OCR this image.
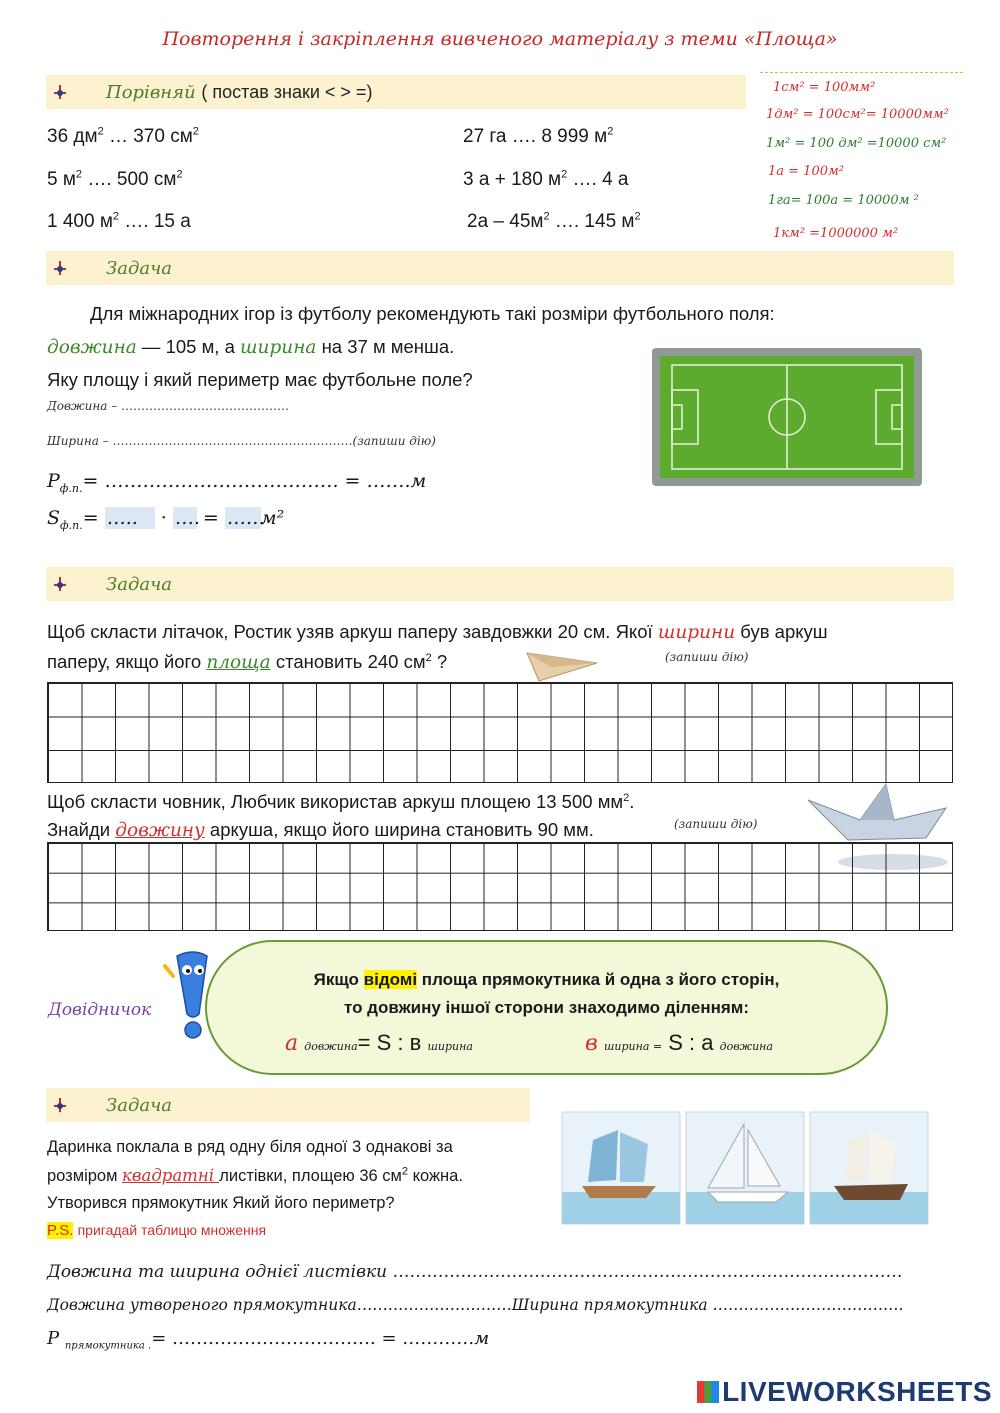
Повторення і закріплення вивченого матеріалу з теми «Площа»
Порівняй ( постав знаки < > =)
36 $дм^2$ … 370 $см^2$	27 га …. 8 999 $м^2$
5 $м^2$ …. 500 $см^2$	3 а + 180 $м^2$ …. 4 а
1 400 $м^2$ …. 15 а	$2а - 45м^2$ …. 145 $м^2$
1см² = 100мм²
1дм² = 100см²= 10000мм²
1м² = 100 дм² =10000 см²
1а = 100м²
1га= 100а = 10000м ²
1км² =1000000 м²
Задача
Для міжнародних ігор із футболу рекомендують такі розміри футбольного поля:
довжина — 105 м, а ширина на 37 м менша.
Яку площу і який периметр має футбольне поле?
Довжина – ……………………………………
Ширина – ……………………………………………………(запиши дію)
$Р_{ф.п.}=$ ………………………………. = …….м
$S_{ф.п.}=$ ….. · …. = ……м²
Задача
Щоб скласти літачок, Ростик узяв аркуш паперу завдовжки 20 см. Якої ширини був аркуш
паперу, якщо його площа становить 240 $см^2$ ?	(запиши дію)
Щоб скласти човник, Любчик використав аркуш площею 13 500 $мм^2$.
Знайди довжину аркуша, якщо його ширина становить 90 мм.	(запиши дію)
Довідничок
Якщо відомі площа прямокутника й одна з його сторін,
то довжину іншої сторони знаходимо діленням:
а довжина= S : в ширина	в ширина = S : а довжина
Задача
Даринка поклала в ряд одну біля одної 3 однакові за
розміром квадратні листівки, площею 36 $см^2$ кожна.
Утворився прямокутник Який його периметр?
P.S. пригадай таблицю множення
Довжина та ширина однієї листівки ………………………………………………………………………………
Довжина утвореного прямокутника…………………………Ширина прямокутника ……………………………….
Р $_{прямокутника .}$= ……………………………. = …………м
LIVEWORKSHEETS
